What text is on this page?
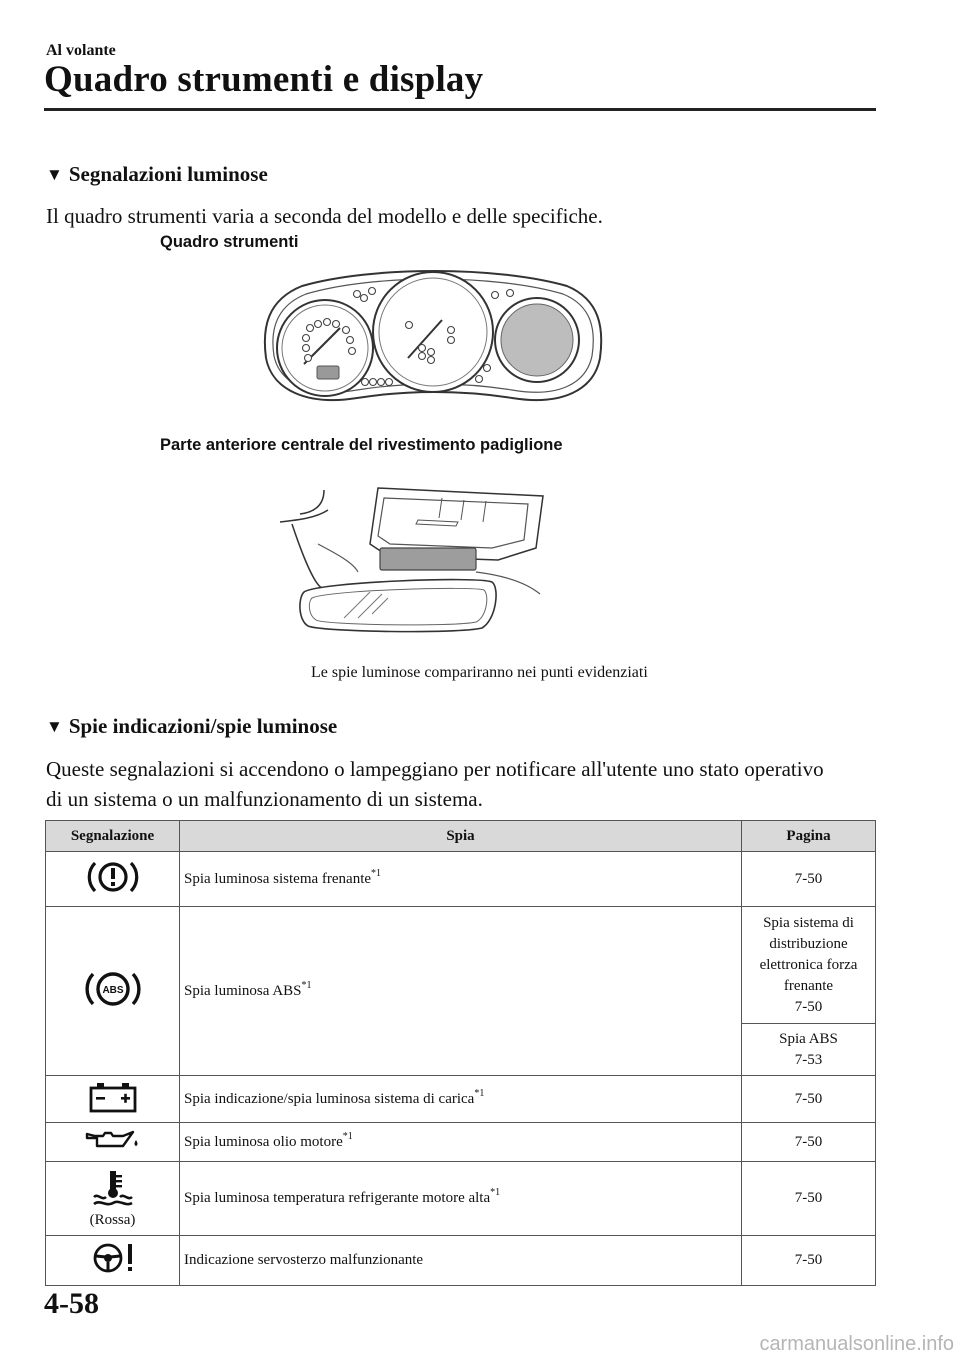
Al volante
Quadro strumenti e display
▼ Segnalazioni luminose
Il quadro strumenti varia a seconda del modello e delle specifiche.
Quadro strumenti
Parte anteriore centrale del rivestimento padiglione
Le spie luminose compariranno nei punti evidenziati
▼ Spie indicazioni/spie luminose
Queste segnalazioni si accendono o lampeggiano per notificare all'utente uno stato operativo
di un sistema o un malfunzionamento di un sistema.
Segnalazione	Spia	Pagina
	Spia luminosa sistema frenante$^{*1}$	7-50

ABS	Spia luminosa ABS$^{*1}$	Spia sistema di
distribuzione
elettronica forza
frenante
7-50

		Spia ABS
7-53

	Spia indicazione/spia luminosa sistema di carica$^{*1}$	7-50
	Spia luminosa olio motore$^{*1}$	7-50

(Rossa)	Spia luminosa temperatura refrigerante motore alta$^{*1}$	7-50
	Indicazione servosterzo malfunzionante	7-50
4-58
carmanualsonline.info
